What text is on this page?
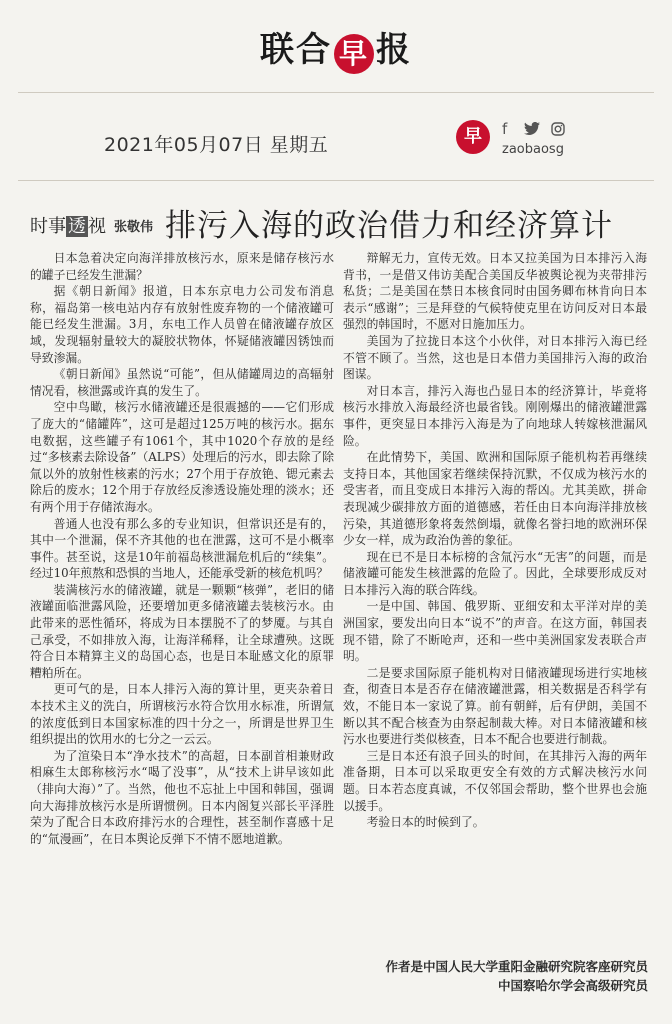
联合 早 报
2021年05月07日 星期五	早	f
zaobaosg
时事 透 视 张敬伟 排污入海的政治借力和经济算计

日本急着决定向海洋排放核污水，原来是储存核污水的罐子已经发生泄漏？

据《朝日新闻》报道，日本东京电力公司发布消息称，福岛第一核电站内存有放射性废弃物的一个储液罐可能已经发生泄漏。3月，东电工作人员曾在储液罐存放区域，发现辐射量较大的凝胶状物体，怀疑储液罐因锈蚀而导致渗漏。

《朝日新闻》虽然说“可能”，但从储罐周边的高辐射情况看，核泄露或许真的发生了。

空中鸟瞰，核污水储液罐还是很震撼的——它们形成了庞大的“储罐阵”，这可是超过125万吨的核污水。据东电数据，这些罐子有1061个，其中1020个存放的是经过“多核素去除设备”（ALPS）处理后的污水，即去除了除氚以外的放射性核素的污水；27个用于存放铯、锶元素去除后的废水；12个用于存放经反渗透设施处理的淡水；还有两个用于存储浓海水。

普通人也没有那么多的专业知识，但常识还是有的，其中一个泄漏，保不齐其他的也在泄露，这可不是小概率事件。甚至说，这是10年前福岛核泄漏危机后的“续集”。经过10年煎熬和恐惧的当地人，还能承受新的核危机吗？

装满核污水的储液罐，就是一颗颗“核弹”，老旧的储液罐面临泄露风险，还要增加更多储液罐去装核污水。由此带来的恶性循环，将成为日本摆脱不了的梦魇。与其自己承受，不如排放入海，让海洋稀释，让全球遭殃。这既符合日本精算主义的岛国心态，也是日本耻感文化的原罪糟粕所在。

更可气的是，日本人排污入海的算计里，更夹杂着日本技术主义的洗白，所谓核污水符合饮用水标准，所谓氚的浓度低到日本国家标准的四十分之一，所谓是世界卫生组织提出的饮用水的七分之一云云。

为了渲染日本“净水技术”的高超，日本副首相兼财政相麻生太郎称核污水“喝了没事”，从“技术上讲早该如此（排向大海）”了。当然，他也不忘扯上中国和韩国，强调向大海排放核污水是所谓惯例。日本内阁复兴部长平泽胜荣为了配合日本政府排污水的合理性，甚至制作喜感十足的“氚漫画”，在日本舆论反弹下不情不愿地道歉。

辩解无力，宣传无效。日本又拉美国为日本排污入海背书，一是借又伟访美配合美国反华被舆论视为夹带排污私货；二是美国在禁日本核食同时由国务卿布林肯向日本表示“感谢”；三是拜登的气候特使克里在访问反对日本最强烈的韩国时，不愿对日施加压力。

美国为了拉拢日本这个小伙伴，对日本排污入海已经不管不顾了。当然，这也是日本借力美国排污入海的政治图谋。

对日本言，排污入海也凸显日本的经济算计，毕竟将核污水排放入海最经济也最省钱。刚刚爆出的储液罐泄露事件，更突显日本排污入海是为了向地球人转嫁核泄漏风险。

在此情势下，美国、欧洲和国际原子能机构若再继续支持日本，其他国家若继续保持沉默，不仅成为核污水的受害者，而且变成日本排污入海的帮凶。尤其美欧，拼命表现减少碳排放方面的道德感，若任由日本向海洋排放核污染，其道德形象将轰然倒塌，就像名誉扫地的欧洲环保少女一样，成为政治伪善的象征。

现在已不是日本标榜的含氚污水“无害”的问题，而是储液罐可能发生核泄露的危险了。因此，全球要形成反对日本排污入海的联合阵线。

一是中国、韩国、俄罗斯、亚细安和太平洋对岸的美洲国家，要发出向日本“说不”的声音。在这方面，韩国表现不错，除了不断呛声，还和一些中美洲国家发表联合声明。

二是要求国际原子能机构对日储液罐现场进行实地核查，彻查日本是否存在储液罐泄露，相关数据是否科学有效，不能日本一家说了算。前有朝鲜，后有伊朗，美国不断以其不配合核查为由祭起制裁大棒。对日本储液罐和核污水也要进行类似核查，日本不配合也要进行制裁。

三是日本还有浪子回头的时间，在其排污入海的两年准备期，日本可以采取更安全有效的方式解决核污水问题。日本若态度真诚，不仅邻国会帮助，整个世界也会施以援手。

考验日本的时候到了。

作者是中国人民大学重阳金融研究院客座研究员
中国察哈尔学会高级研究员
